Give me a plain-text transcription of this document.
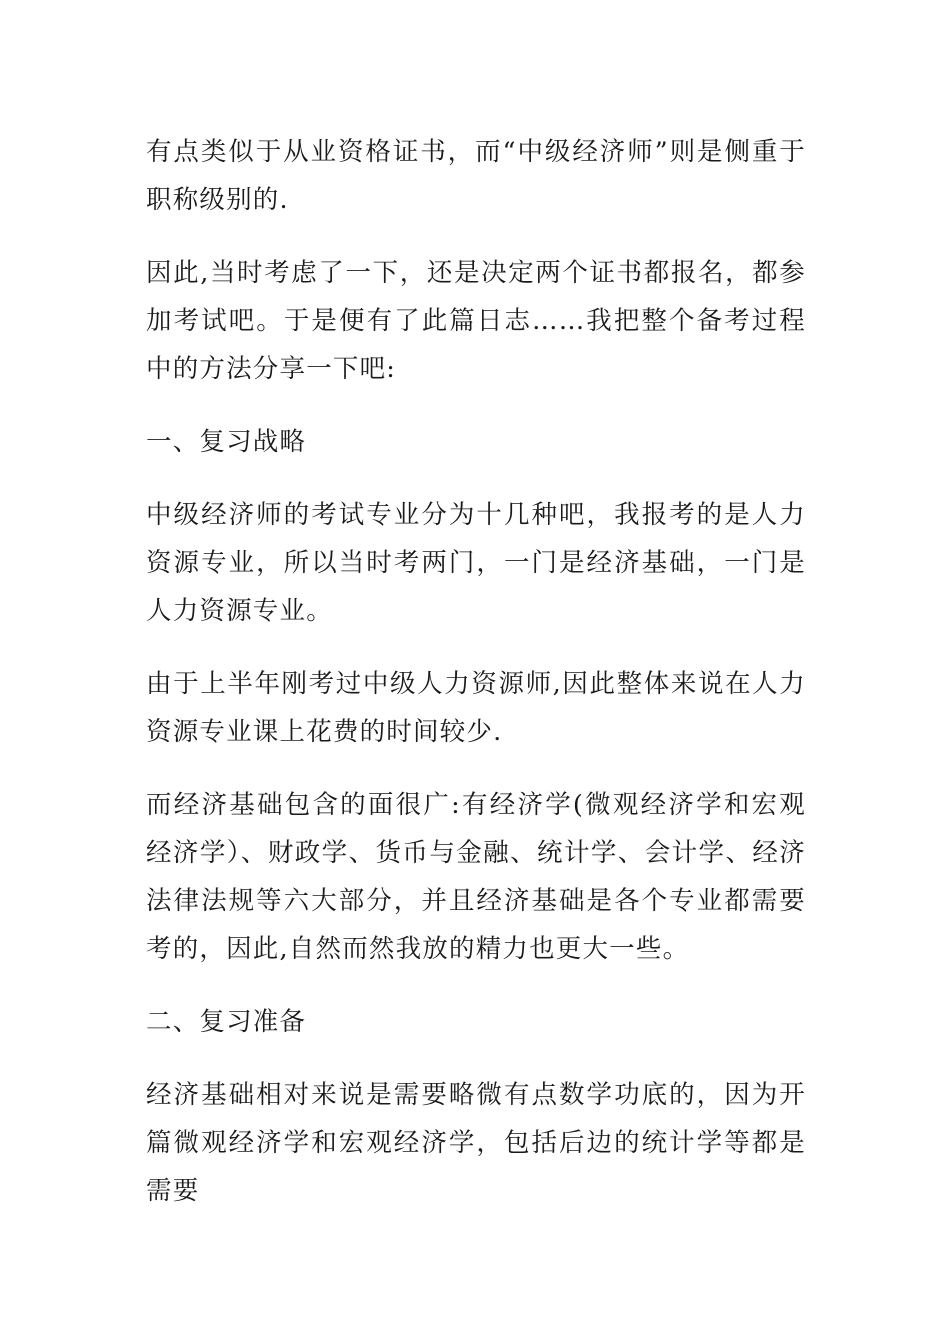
有点类似于从业资格证书，而“中级经济师”则是侧重于职称级别的.

因此,当时考虑了一下，还是决定两个证书都报名，都参加考试吧。于是便有了此篇日志……我把整个备考过程中的方法分享一下吧:

一、复习战略

中级经济师的考试专业分为十几种吧，我报考的是人力资源专业，所以当时考两门，一门是经济基础，一门是人力资源专业。

由于上半年刚考过中级人力资源师,因此整体来说在人力资源专业课上花费的时间较少.

而经济基础包含的面很广:有经济学(微观经济学和宏观经济学）、财政学、货币与金融、统计学、会计学、经济法律法规等六大部分，并且经济基础是各个专业都需要考的，因此,自然而然我放的精力也更大一些。

二、复习准备

经济基础相对来说是需要略微有点数学功底的，因为开篇微观经济学和宏观经济学，包括后边的统计学等都是需要
